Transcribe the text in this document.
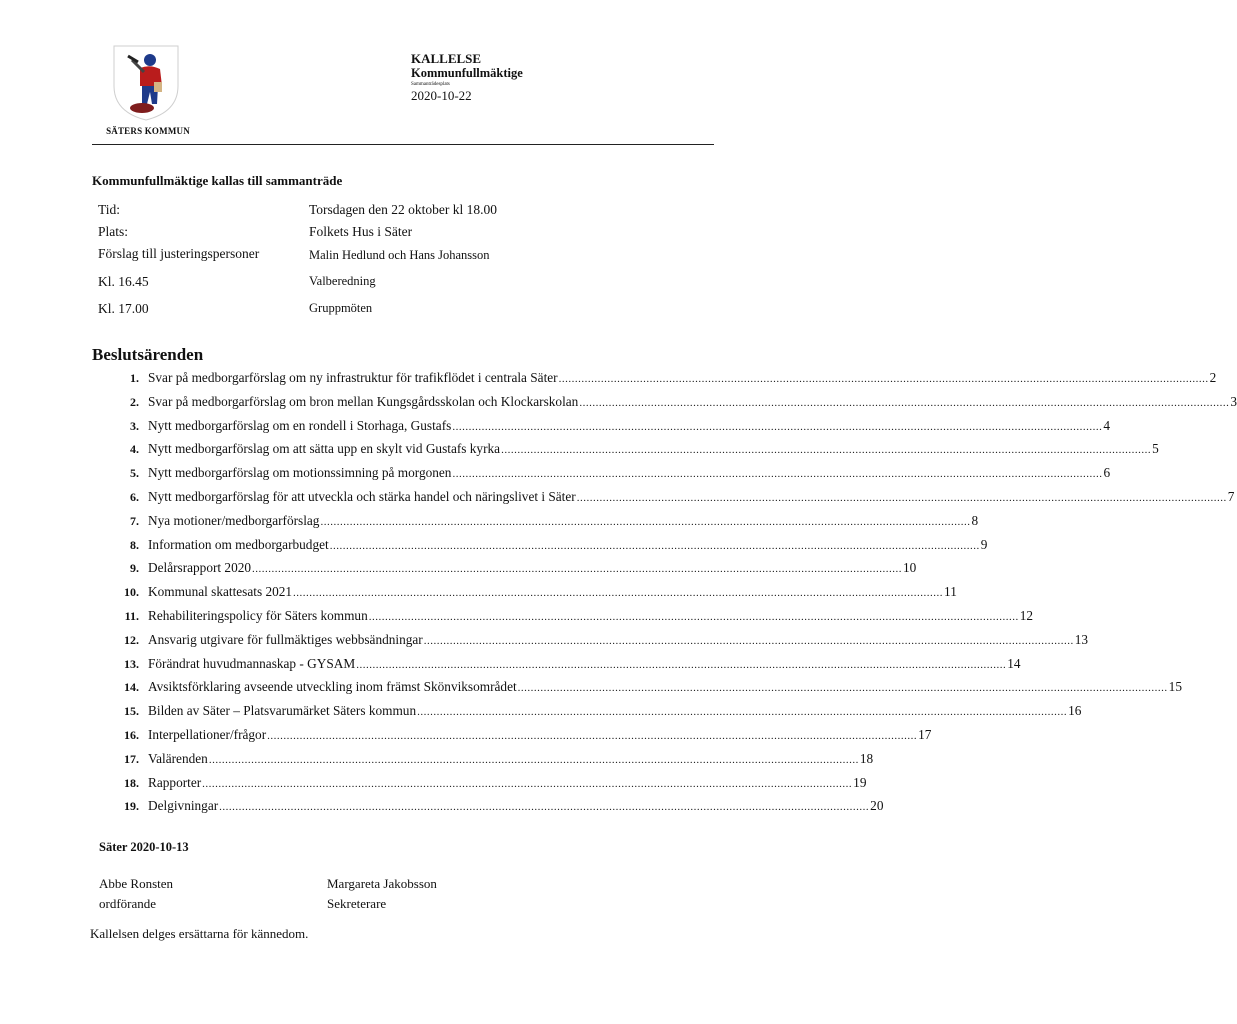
SÄTERS KOMMUN
KALLELSE
Kommunfullmäktige
Sammanträdesplats
2020-10-22
Kommunfullmäktige kallas till sammanträde
Tid:	Torsdagen den 22 oktober kl 18.00
Plats:	Folkets Hus i Säter
Förslag till justeringspersoner	Malin Hedlund och Hans Johansson
Kl. 16.45	Valberedning
Kl. 17.00	Gruppmöten
Beslutsärenden
1. Svar på medborgarförslag om ny infrastruktur för trafikflödet i centrala Säter ........................................................................................................................................................................................................ 2
2. Svar på medborgarförslag om bron mellan Kungsgårdsskolan och Klockarskolan ........................................................................................................................................................................................................ 3
3. Nytt medborgarförslag om en rondell i Storhaga, Gustafs ........................................................................................................................................................................................................ 4
4. Nytt medborgarförslag om att sätta upp en skylt vid Gustafs kyrka ........................................................................................................................................................................................................ 5
5. Nytt medborgarförslag om motionssimning på morgonen ........................................................................................................................................................................................................ 6
6. Nytt medborgarförslag för att utveckla och stärka handel och näringslivet i Säter ........................................................................................................................................................................................................ 7
7. Nya motioner/medborgarförslag ........................................................................................................................................................................................................ 8
8. Information om medborgarbudget ........................................................................................................................................................................................................ 9
9. Delårsrapport 2020 ........................................................................................................................................................................................................ 10
10. Kommunal skattesats 2021 ........................................................................................................................................................................................................ 11
11. Rehabiliteringspolicy för Säters kommun ........................................................................................................................................................................................................ 12
12. Ansvarig utgivare för fullmäktiges webbsändningar ........................................................................................................................................................................................................ 13
13. Förändrat huvudmannaskap - GYSAM ........................................................................................................................................................................................................ 14
14. Avsiktsförklaring avseende utveckling inom främst Skönviksområdet ........................................................................................................................................................................................................ 15
15. Bilden av Säter – Platsvarumärket Säters kommun ........................................................................................................................................................................................................ 16
16. Interpellationer/frågor ........................................................................................................................................................................................................ 17
17. Valärenden ........................................................................................................................................................................................................ 18
18. Rapporter ........................................................................................................................................................................................................ 19
19. Delgivningar ........................................................................................................................................................................................................ 20
Säter 2020-10-13
Abbe Ronsten
ordförande
Margareta Jakobsson
Sekreterare
Kallelsen delges ersättarna för kännedom.
